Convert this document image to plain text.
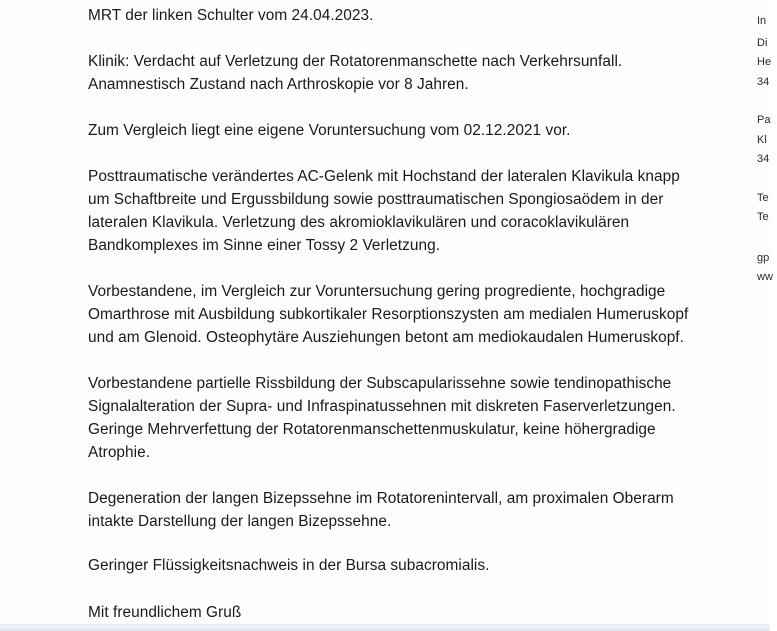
MRT der linken Schulter vom 24.04.2023.

Klinik: Verdacht auf Verletzung der Rotatorenmanschette nach Verkehrsunfall.
Anamnestisch Zustand nach Arthroskopie vor 8 Jahren.
Zum Vergleich liegt eine eigene Voruntersuchung vom 02.12.2021 vor.
Posttraumatische verändertes AC-Gelenk mit Hochstand der lateralen Klavikula knapp
um Schaftbreite und Ergussbildung sowie posttraumatischen Spongiosaödem in der
lateralen Klavikula. Verletzung des akromioklavikulären und coracoklavikulären
Bandkomplexes im Sinne einer Tossy 2 Verletzung.
Vorbestandene, im Vergleich zur Voruntersuchung gering progrediente, hochgradige
Omarthrose mit Ausbildung subkortikaler Resorptionszysten am medialen Humeruskopf
und am Glenoid. Osteophytäre Ausziehungen betont am mediokaudalen Humeruskopf.
Vorbestandene partielle Rissbildung der Subscapularissehne sowie tendinopathische
Signalalteration der Supra- und Infraspinatussehnen mit diskreten Faserverletzungen.
Geringe Mehrverfettung der Rotatorenmanschettenmuskulatur, keine höhergradige
Atrophie.
Degeneration der langen Bizepssehne im Rotatorenintervall, am proximalen Oberarm
intakte Darstellung der langen Bizepssehne.
Geringer Flüssigkeitsnachweis in der Bursa subacromialis.

Mit freundlichem Gruß

In
Di
He
34
Pa
Kl
34
Te
Te
gp
ww
